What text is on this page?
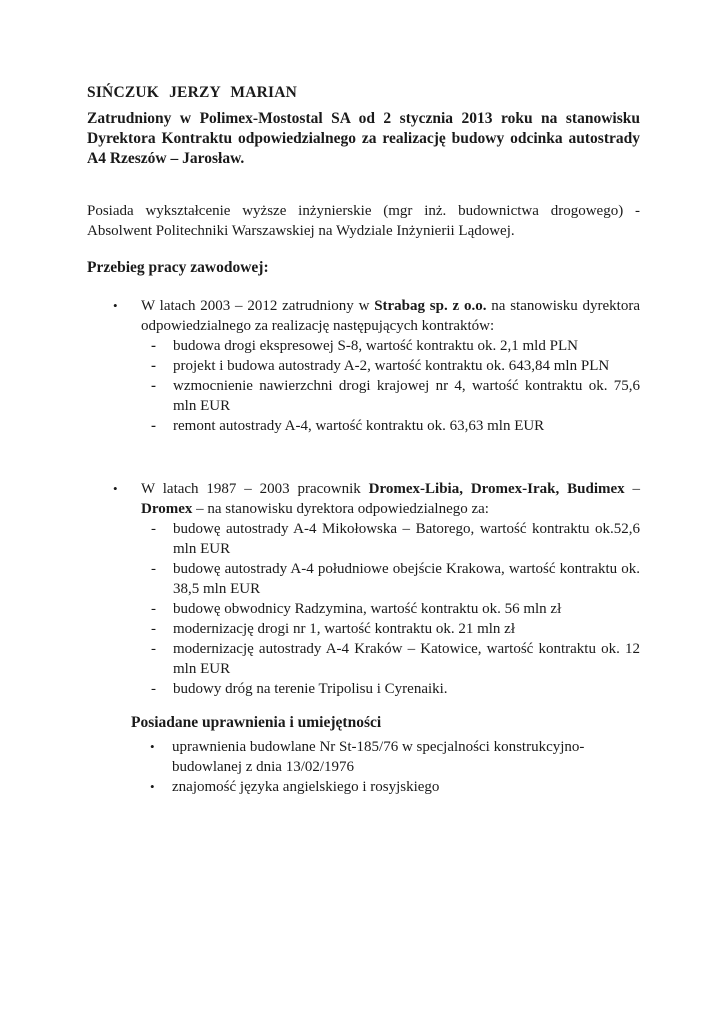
SIŃCZUK JERZY MARIAN
Zatrudniony w Polimex-Mostostal SA od 2 stycznia 2013 roku na stanowisku Dyrektora Kontraktu odpowiedzialnego za realizację budowy odcinka autostrady A4 Rzeszów – Jarosław.
Posiada wykształcenie wyższe inżynierskie (mgr inż. budownictwa drogowego) - Absolwent Politechniki Warszawskiej na Wydziale Inżynierii Lądowej.
Przebieg pracy zawodowej:
•	W latach 2003 – 2012 zatrudniony w Strabag sp. z o.o. na stanowisku dyrektora odpowiedzialnego za realizację następujących kontraktów:
- budowa drogi ekspresowej S-8, wartość kontraktu ok. 2,1 mld PLN
- projekt i budowa autostrady A-2, wartość kontraktu ok. 643,84 mln PLN
- wzmocnienie nawierzchni drogi krajowej nr 4, wartość kontraktu ok. 75,6 mln EUR
- remont autostrady A-4, wartość kontraktu ok. 63,63 mln EUR
•	W latach 1987 – 2003 pracownik Dromex-Libia, Dromex-Irak, Budimex – Dromex – na stanowisku dyrektora odpowiedzialnego za:
- budowę autostrady A-4 Mikołowska – Batorego, wartość kontraktu ok.52,6 mln EUR
- budowę autostrady A-4 południowe obejście Krakowa, wartość kontraktu ok. 38,5 mln EUR
- budowę obwodnicy Radzymina, wartość kontraktu ok. 56 mln zł
- modernizację drogi nr 1, wartość kontraktu ok. 21 mln zł
- modernizację autostrady A-4 Kraków – Katowice, wartość kontraktu ok. 12 mln EUR
- budowy dróg na terenie Tripolisu i Cyrenaiki.
Posiadane uprawnienia i umiejętności
• uprawnienia budowlane Nr St-185/76 w specjalności konstrukcyjno-budowlanej z dnia 13/02/1976
• znajomość języka angielskiego i rosyjskiego
